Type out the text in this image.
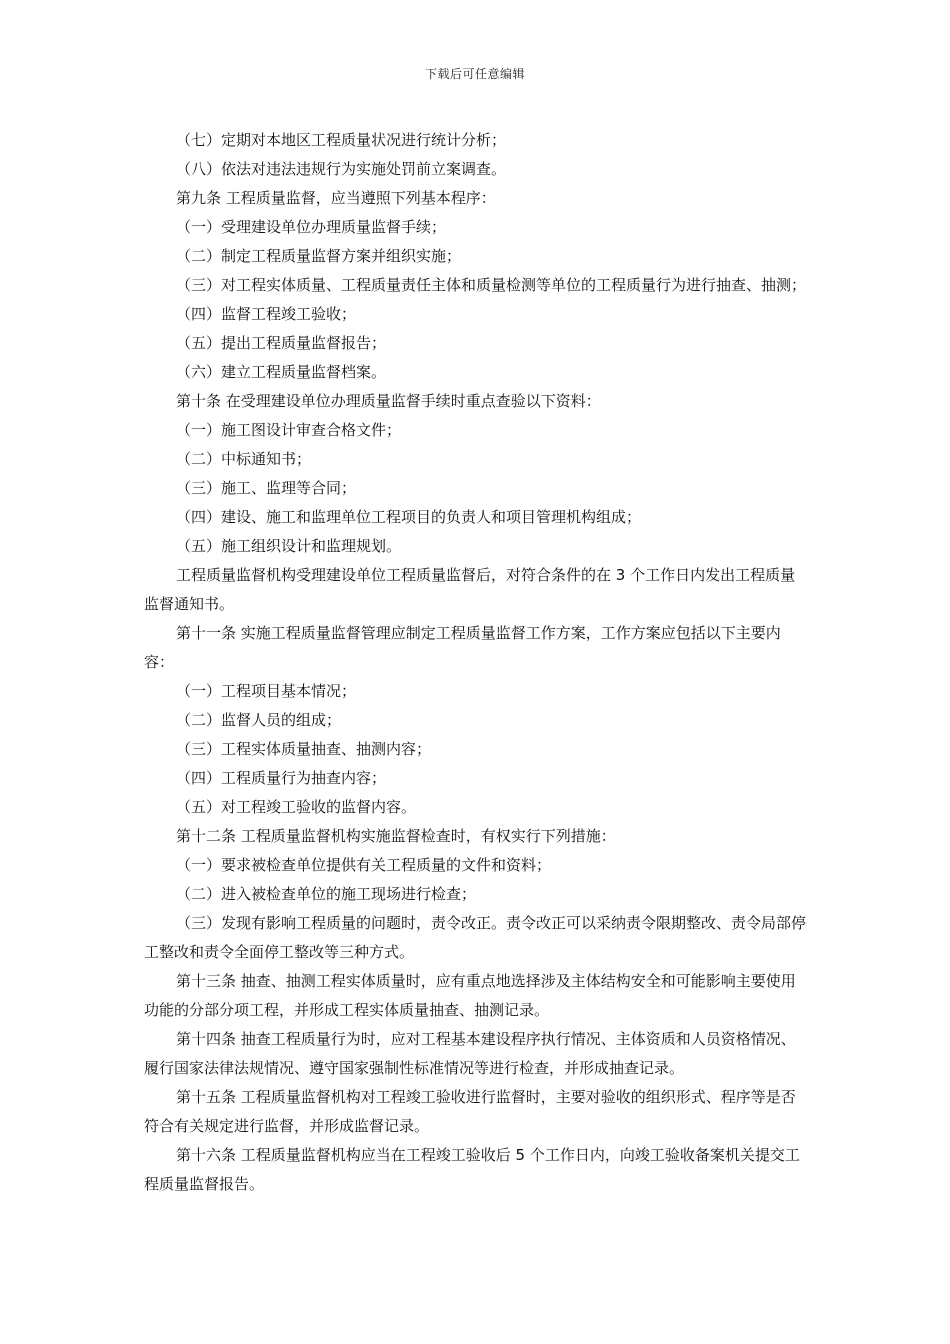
下载后可任意编辑

（七）定期对本地区工程质量状况进行统计分析；

（八）依法对违法违规行为实施处罚前立案调查。

第九条 工程质量监督，应当遵照下列基本程序：

（一）受理建设单位办理质量监督手续；

（二）制定工程质量监督方案并组织实施；

（三）对工程实体质量、工程质量责任主体和质量检测等单位的工程质量行为进行抽查、抽测；

（四）监督工程竣工验收；

（五）提出工程质量监督报告；

（六）建立工程质量监督档案。

第十条 在受理建设单位办理质量监督手续时重点查验以下资料：

（一）施工图设计审查合格文件；

（二）中标通知书；

（三）施工、监理等合同；

（四）建设、施工和监理单位工程项目的负责人和项目管理机构组成；

（五）施工组织设计和监理规划。

工程质量监督机构受理建设单位工程质量监督后，对符合条件的在 3 个工作日内发出工程质量监督通知书。

第十一条 实施工程质量监督管理应制定工程质量监督工作方案，工作方案应包括以下主要内容：

（一）工程项目基本情况；

（二）监督人员的组成；

（三）工程实体质量抽查、抽测内容；

（四）工程质量行为抽查内容；

（五）对工程竣工验收的监督内容。

第十二条 工程质量监督机构实施监督检查时，有权实行下列措施：

（一）要求被检查单位提供有关工程质量的文件和资料；

（二）进入被检查单位的施工现场进行检查；

（三）发现有影响工程质量的问题时，责令改正。责令改正可以采纳责令限期整改、责令局部停工整改和责令全面停工整改等三种方式。

第十三条 抽查、抽测工程实体质量时，应有重点地选择涉及主体结构安全和可能影响主要使用功能的分部分项工程，并形成工程实体质量抽查、抽测记录。

第十四条 抽查工程质量行为时，应对工程基本建设程序执行情况、主体资质和人员资格情况、履行国家法律法规情况、遵守国家强制性标准情况等进行检查，并形成抽查记录。

第十五条 工程质量监督机构对工程竣工验收进行监督时，主要对验收的组织形式、程序等是否符合有关规定进行监督，并形成监督记录。

第十六条 工程质量监督机构应当在工程竣工验收后 5 个工作日内，向竣工验收备案机关提交工程质量监督报告。
